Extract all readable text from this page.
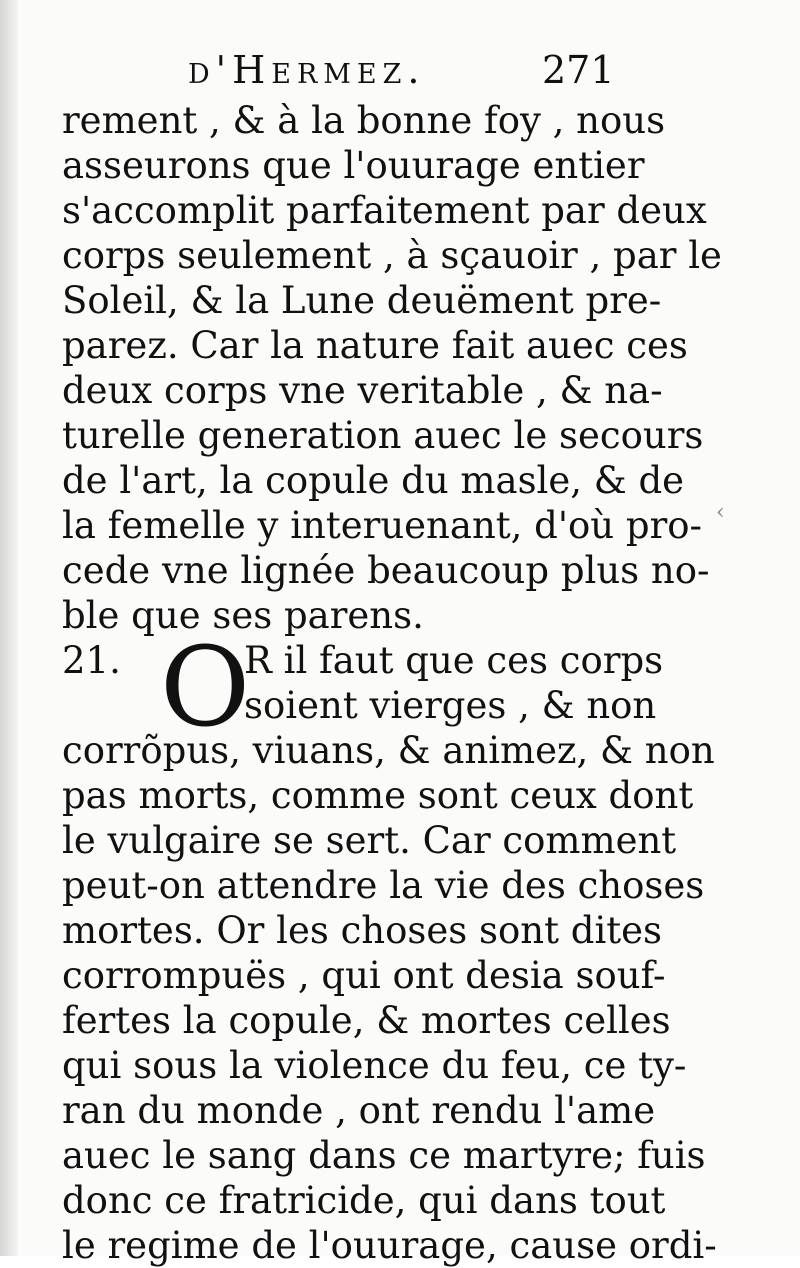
d'Hermez.	271
rement , & à la bonne foy , nous
asseurons que l'ouurage entier
s'accomplit parfaitement par deux
corps seulement , à sçauoir , par le
Soleil, & la Lune deuëment pre-
parez. Car la nature fait auec ces
deux corps vne veritable , & na-
turelle generation auec le secours
de l'art, la copule du masle, & de
la femelle y interuenant, d'où pro-
cede vne lignée beaucoup plus no-
ble que ses parens.
21. O
R il faut que ces corps
soient vierges , & non
corrõpus, viuans, & animez, & non
pas morts, comme sont ceux dont
le vulgaire se sert. Car comment
peut-on attendre la vie des choses
mortes. Or les choses sont dites
corrompuës , qui ont desia souf-
fertes la copule, & mortes celles
qui sous la violence du feu, ce ty-
ran du monde , ont rendu l'ame
auec le sang dans ce martyre; fuis
donc ce fratricide, qui dans tout
le regime de l'ouurage, cause ordi-
‹
